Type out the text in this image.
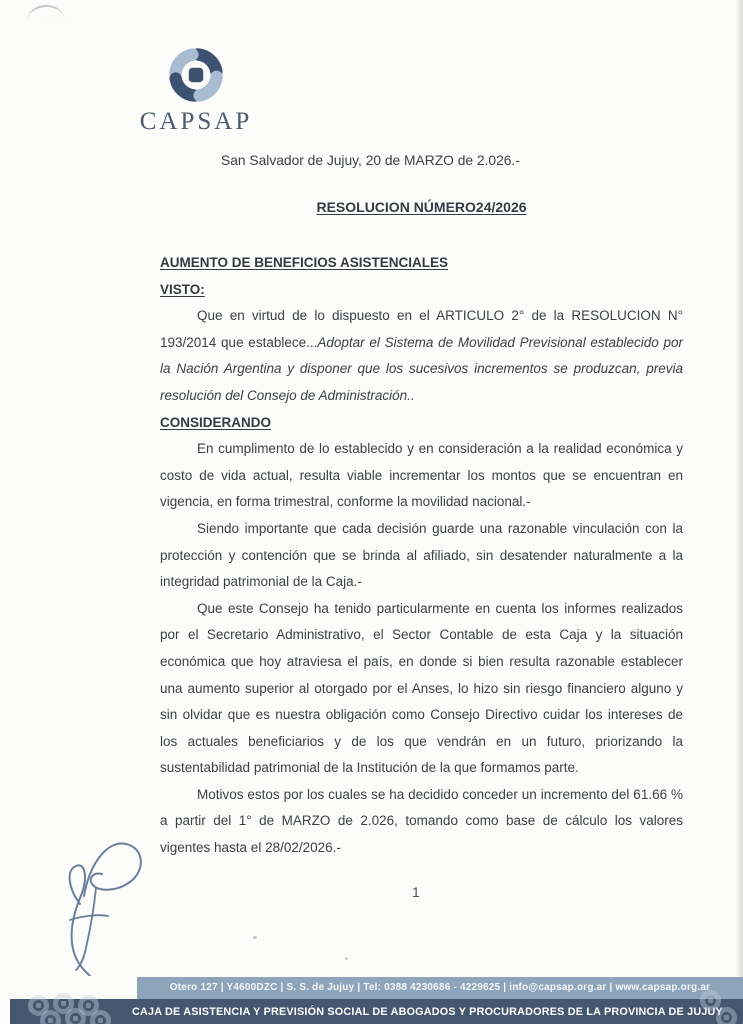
CAPSAP
San Salvador de Jujuy, 20 de MARZO de 2.026.-
RESOLUCION NÚMERO24/2026
AUMENTO DE BENEFICIOS ASISTENCIALES
VISTO:

Que en virtud de lo dispuesto en el ARTICULO 2° de la RESOLUCION N° 193/2014 que establece...Adoptar el Sistema de Movilidad Previsional establecido por la Nación Argentina y disponer que los sucesivos incrementos se produzcan, previa resolución del Consejo de Administración..

CONSIDERANDO

En cumplimento de lo establecido y en consideración a la realidad económica y costo de vida actual, resulta viable incrementar los montos que se encuentran en vigencia, en forma trimestral, conforme la movilidad nacional.-

Siendo importante que cada decisión guarde una razonable vinculación con la protección y contención que se brinda al afiliado, sin desatender naturalmente a la integridad patrimonial de la Caja.-

Que este Consejo ha tenido particularmente en cuenta los informes realizados por el Secretario Administrativo, el Sector Contable de esta Caja y la situación económica que hoy atraviesa el país, en donde si bien resulta razonable establecer una aumento superior al otorgado por el Anses, lo hizo sin riesgo financiero alguno y sin olvidar que es nuestra obligación como Consejo Directivo cuidar los intereses de los actuales beneficiarios y de los que vendrán en un futuro, priorizando la sustentabilidad patrimonial de la Institución de la que formamos parte.

Motivos estos por los cuales se ha decidido conceder un incremento del 61.66 % a partir del 1° de MARZO de 2.026, tomando como base de cálculo los valores vigentes hasta el 28/02/2026.-

1
Otero 127 | Y4600DZC | S. S. de Jujuy | Tel: 0388 4230686 - 4229625 | info@capsap.org.ar | www.capsap.org.ar
CAJA DE ASISTENCIA Y PREVISIÓN SOCIAL DE ABOGADOS Y PROCURADORES DE LA PROVINCIA DE JUJUY
